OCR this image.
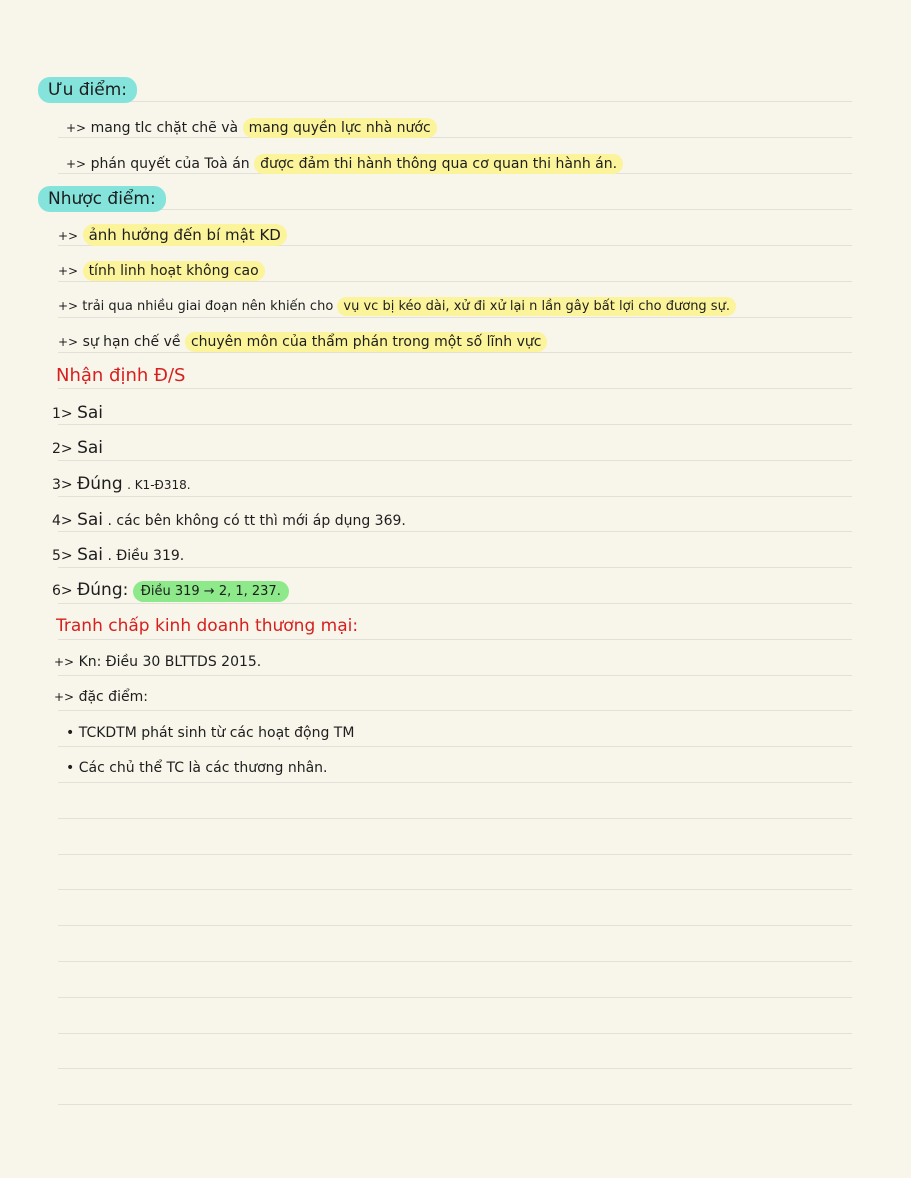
Ưu điểm:
+> mang tlc chặt chẽ và mang quyền lực nhà nước
+> phán quyết của Toà án được đảm thi hành thông qua cơ quan thi hành án.
Nhược điểm:
+> ảnh hưởng đến bí mật KD
+> tính linh hoạt không cao
+> trải qua nhiều giai đoạn nên khiến cho vụ vc bị kéo dài, xử đi xử lại n lần gây bất lợi cho đương sự.
+> sự hạn chế về chuyên môn của thẩm phán trong một số lĩnh vực
Nhận định Đ/S
1> Sai
2> Sai
3> Đúng . K1-Đ318.
4> Sai . các bên không có tt thì mới áp dụng 369.
5> Sai . Điều 319.
6> Đúng: Điều 319 → 2, 1, 237.
Tranh chấp kinh doanh thương mại:
+> Kn: Điều 30 BLTTDS 2015.
+> đặc điểm:
• TCKDTM phát sinh từ các hoạt động TM
• Các chủ thể TC là các thương nhân.
